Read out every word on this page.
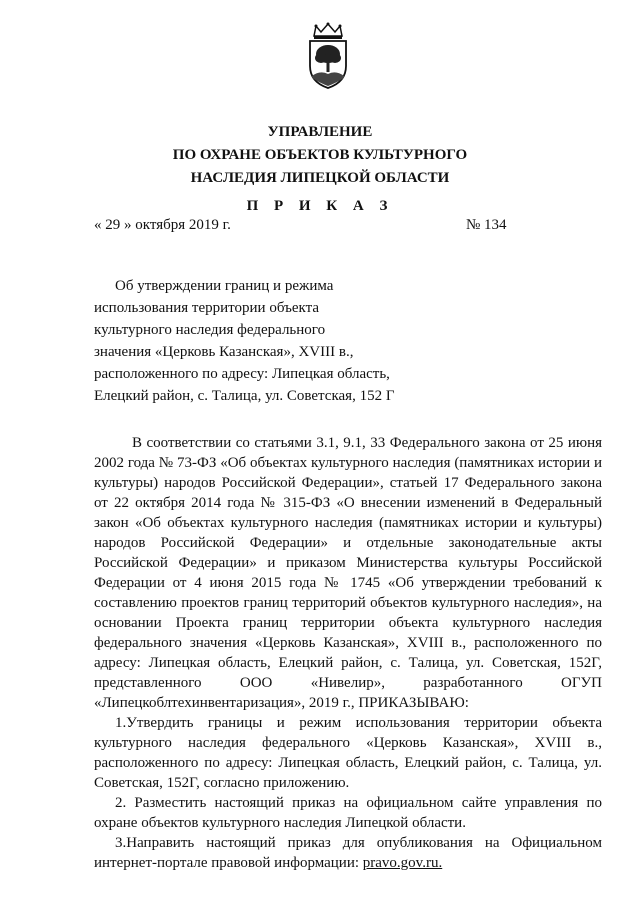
УПРАВЛЕНИЕ
ПО ОХРАНЕ ОБЪЕКТОВ КУЛЬТУРНОГО
НАСЛЕДИЯ ЛИПЕЦКОЙ ОБЛАСТИ
П Р И К А З
« 29 » октября 2019 г.	№ 134
Об утверждении границ и режима
использования территории объекта
культурного наследия федерального
значения «Церковь Казанская», XVIII в.,
расположенного по адресу: Липецкая область,
Елецкий район, с. Талица, ул. Советская, 152 Г

В соответствии со статьями 3.1, 9.1, 33 Федерального закона от 25 июня 2002 года № 73-ФЗ «Об объектах культурного наследия (памятниках истории и культуры) народов Российской Федерации», статьей 17 Федерального закона от 22 октября 2014 года № 315-ФЗ «О внесении изменений в Федеральный закон «Об объектах культурного наследия (памятниках истории и культуры) народов Российской Федерации» и отдельные законодательные акты Российской Федерации» и приказом Министерства культуры Российской Федерации от 4 июня 2015 года № 1745 «Об утверждении требований к составлению проектов границ территорий объектов культурного наследия», на основании Проекта границ территории объекта культурного наследия федерального значения «Церковь Казанская», XVIII в., расположенного по адресу: Липецкая область, Елецкий район, с. Талица, ул. Советская, 152Г, представленного ООО «Нивелир», разработанного ОГУП «Липецкоблтехинвентаризация», 2019 г., ПРИКАЗЫВАЮ:

1.Утвердить границы и режим использования территории объекта культурного наследия федерального «Церковь Казанская», XVIII в., расположенного по адресу: Липецкая область, Елецкий район, с. Талица, ул. Советская, 152Г, согласно приложению.

2. Разместить настоящий приказ на официальном сайте управления по охране объектов культурного наследия Липецкой области.

3.Направить настоящий приказ для опубликования на Официальном интернет-портале правовой информации: pravo.gov.ru.
